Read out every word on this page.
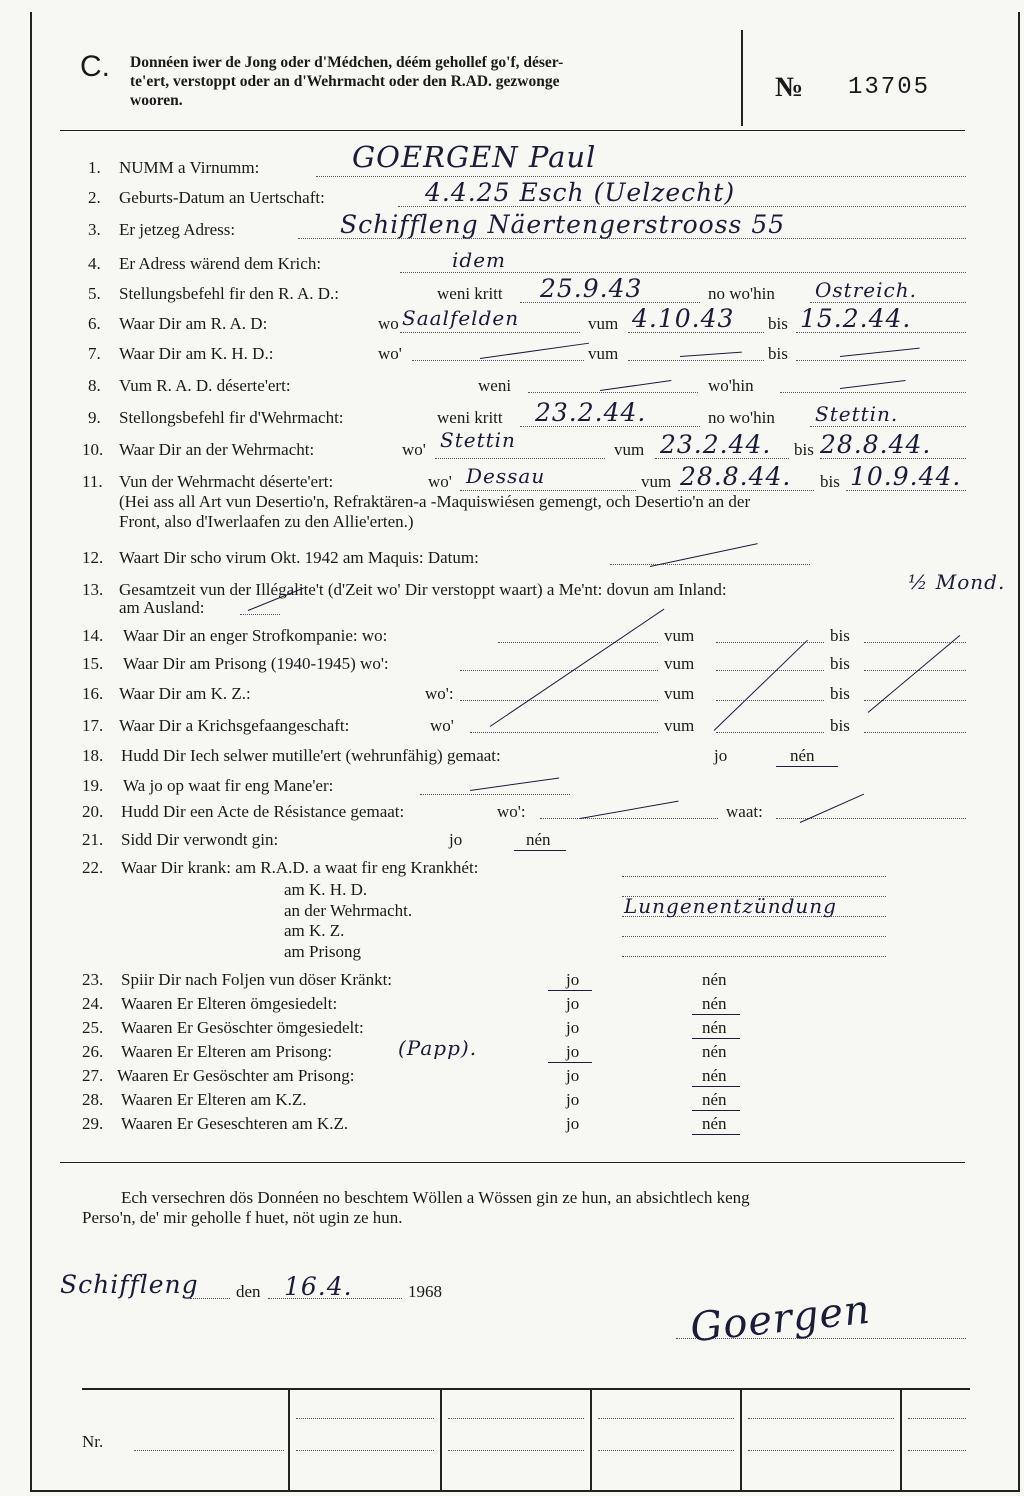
C. Donnéen iwer de Jong oder d'Médchen, déém gehollef go'f, déser-
te'ert, verstoppt oder an d'Wehrmacht oder den R.AD. gezwonge
wooren.	№ 13705
1. NUMM a Virnumm:	GOERGEN Paul
2. Geburts-Datum an Uertschaft:	4.4.25 Esch (Uelzecht)
3. Er jetzeg Adress:	Schiffleng Näertengerstrooss 55
4. Er Adress wärend dem Krich:	idem
5. Stellungsbefehl fir den R. A. D.:	weni kritt 25.9.43	no wo'hin Ostreich.
6. Waar Dir am R. A. D:	wo Saalfelden	vum 4.10.43 bis 15.2.44.
7. Waar Dir am K. H. D.:	wo'	vum	bis
8. Vum R. A. D. déserte'ert:	weni	wo'hin
9. Stellongsbefehl fir d'Wehrmacht:	weni kritt 23.2.44.	no wo'hin Stettin.
10. Waar Dir an der Wehrmacht:	wo' Stettin	vum 23.2.44. bis 28.8.44.
11. Vun der Wehrmacht déserte'ert:	wo' Dessau	vum 28.8.44. bis 10.9.44.
(Hei ass all Art vun Desertio'n, Refraktären-a -Maquiswiésen gemengt, och Desertio'n an der
Front, also d'Iwerlaafen zu den Allie'erten.)
12. Waart Dir scho virum Okt. 1942 am Maquis: Datum:
13. Gesamtzeit vun der Illégalite't (d'Zeit wo' Dir verstoppt waart) a Me'nt: dovun am Inland:	½ Mond.
am Ausland:
14. Waar Dir an enger Strofkompanie: wo:	vum	bis
15. Waar Dir am Prisong (1940-1945) wo':	vum	bis
16. Waar Dir am K. Z.:	wo':	vum	bis
17. Waar Dir a Krichsgefaangeschaft:	wo'	vum	bis
18. Hudd Dir Iech selwer mutille'ert (wehrunfähig) gemaat:	jo	nén
19. Wa jo op waat fir eng Mane'er:
20. Hudd Dir een Acte de Résistance gemaat:	wo':	waat:
21. Sidd Dir verwondt gin:	jo	nén
22. Waar Dir krank: am R.A.D. a waat fir eng Krankhét:
am K. H. D.
an der Wehrmacht.	Lungenentzündung
am K. Z.
am Prisong
23. Spiir Dir nach Foljen vun döser Kränkt:	jo	nén
24. Waaren Er Elteren ömgesiedelt:	jo	nén
25. Waaren Er Gesöschter ömgesiedelt:	jo	nén
26. Waaren Er Elteren am Prisong:	(Papp).	jo	nén
27. Waaren Er Gesöschter am Prisong:	jo	nén
28. Waaren Er Elteren am K.Z.	jo	nén
29. Waaren Er Geseschteren am K.Z.	jo	nén
Ech versechren dös Donnéen no beschtem Wöllen a Wössen gin ze hun, an absichtlech keng
Perso'n, de' mir geholle f huet, nöt ugin ze hun.
Schiffleng den 16.4.	1968	Goergen
Nr.
